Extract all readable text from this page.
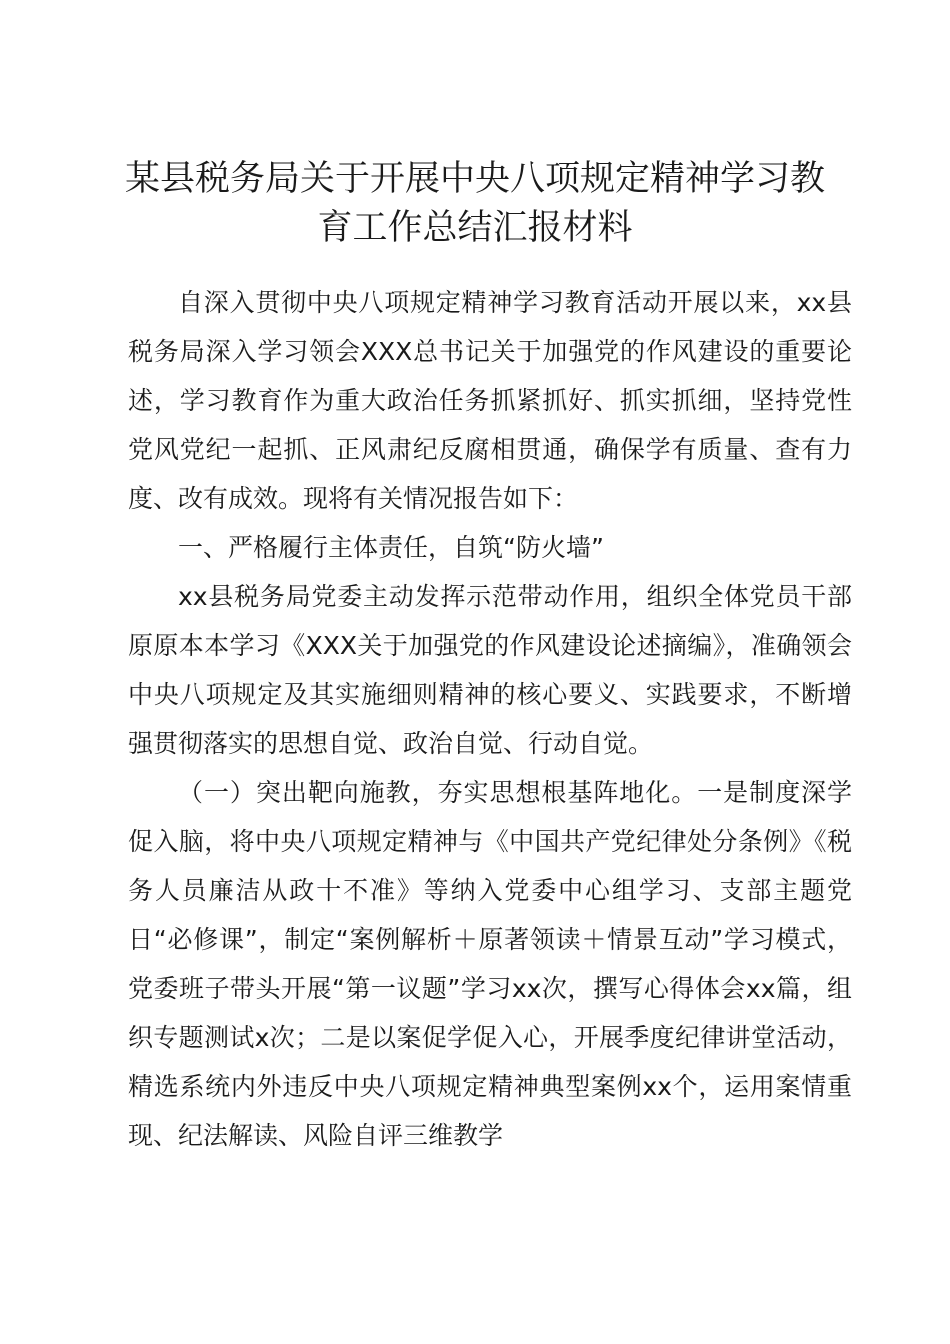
某县税务局关于开展中央八项规定精神学习教
育工作总结汇报材料

自深入贯彻中央八项规定精神学习教育活动开展以来，xx县税务局深入学习领会XXX总书记关于加强党的作风建设的重要论述，学习教育作为重大政治任务抓紧抓好、抓实抓细，坚持党性党风党纪一起抓、正风肃纪反腐相贯通，确保学有质量、查有力度、改有成效。现将有关情况报告如下：

一、严格履行主体责任，自筑“防火墙”

xx县税务局党委主动发挥示范带动作用，组织全体党员干部原原本本学习《XXX关于加强党的作风建设论述摘编》，准确领会中央八项规定及其实施细则精神的核心要义、实践要求，不断增强贯彻落实的思想自觉、政治自觉、行动自觉。

（一）突出靶向施教，夯实思想根基阵地化。一是制度深学促入脑，将中央八项规定精神与《中国共产党纪律处分条例》《税务人员廉洁从政十不准》等纳入党委中心组学习、支部主题党日“必修课”，制定“案例解析＋原著领读＋情景互动”学习模式，党委班子带头开展“第一议题”学习xx次，撰写心得体会xx篇，组织专题测试x次；二是以案促学促入心，开展季度纪律讲堂活动，精选系统内外违反中央八项规定精神典型案例xx个，运用案情重现、纪法解读、风险自评三维教学
